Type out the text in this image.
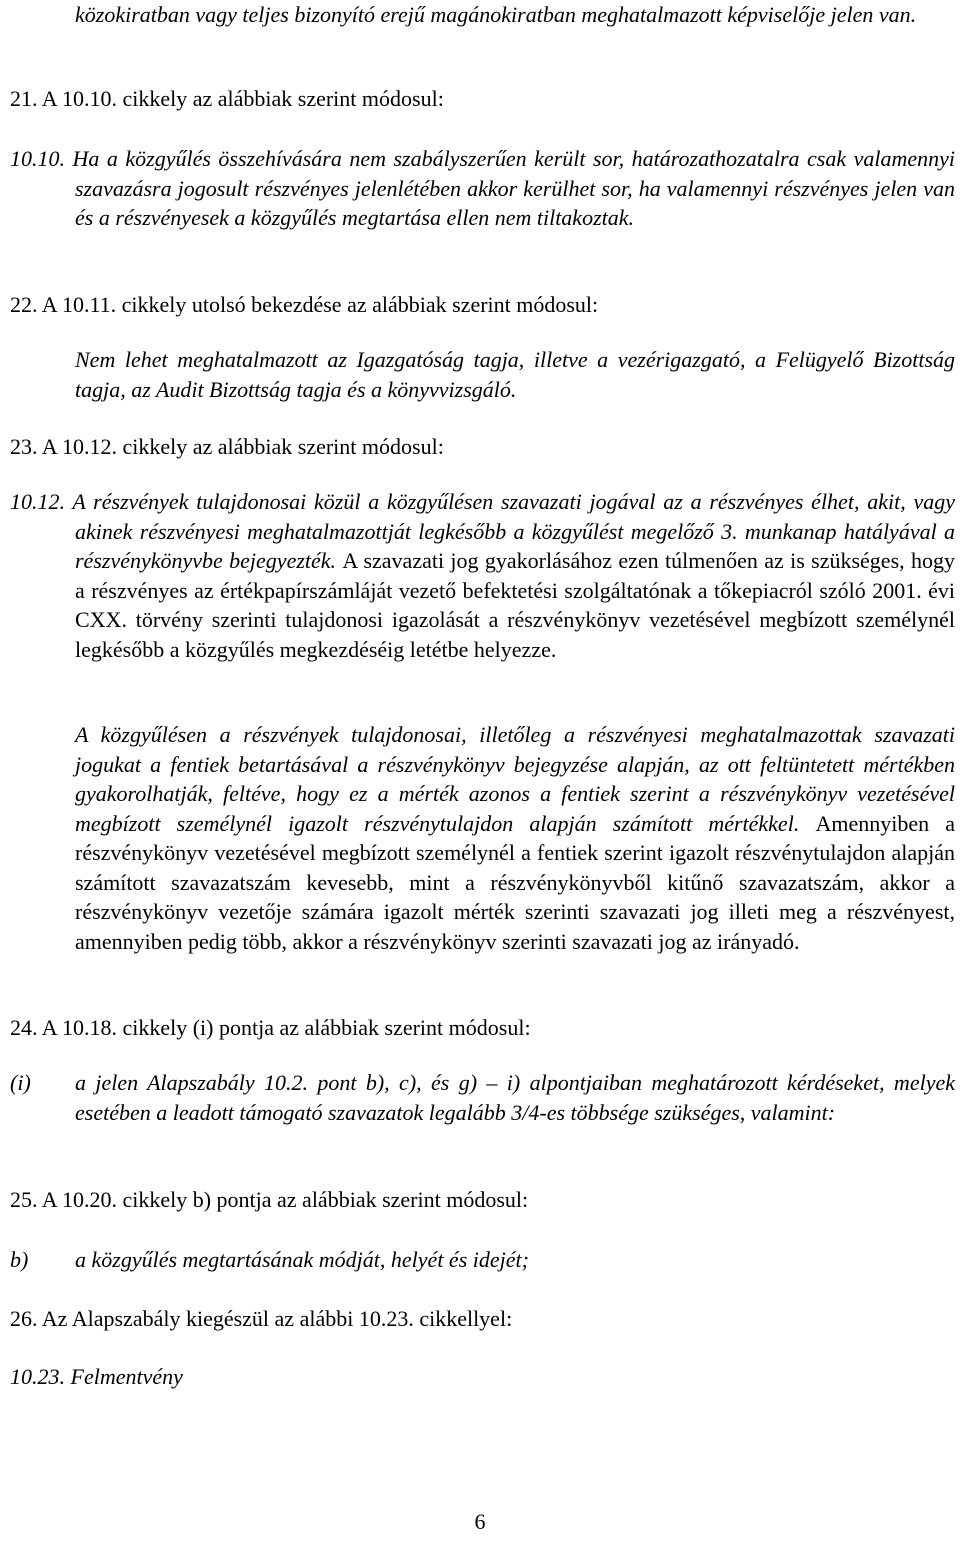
közokiratban vagy teljes bizonyító erejű magánokiratban meghatalmazott képviselője jelen van.

21. A 10.10. cikkely az alábbiak szerint módosul:

10.10. Ha a közgyűlés összehívására nem szabályszerűen került sor, határozathozatalra csak valamennyi szavazásra jogosult részvényes jelenlétében akkor kerülhet sor, ha valamennyi részvényes jelen van és a részvényesek a közgyűlés megtartása ellen nem tiltakoztak.

22. A 10.11. cikkely utolsó bekezdése az alábbiak szerint módosul:

Nem lehet meghatalmazott az Igazgatóság tagja, illetve a vezérigazgató, a Felügyelő Bizottság tagja, az Audit Bizottság tagja és a könyvvizsgáló.

23. A 10.12. cikkely az alábbiak szerint módosul:

10.12. A részvények tulajdonosai közül a közgyűlésen szavazati jogával az a részvényes élhet, akit, vagy akinek részvényesi meghatalmazottját legkésőbb a közgyűlést megelőző 3. munkanap hatályával a részvénykönyvbe bejegyezték. A szavazati jog gyakorlásához ezen túlmenően az is szükséges, hogy a részvényes az értékpapírszámláját vezető befektetési szolgáltatónak a tőkepiacról szóló 2001. évi CXX. törvény szerinti tulajdonosi igazolását a részvénykönyv vezetésével megbízott személynél legkésőbb a közgyűlés megkezdéséig letétbe helyezze.

A közgyűlésen a részvények tulajdonosai, illetőleg a részvényesi meghatalmazottak szavazati jogukat a fentiek betartásával a részvénykönyv bejegyzése alapján, az ott feltüntetett mértékben gyakorolhatják, feltéve, hogy ez a mérték azonos a fentiek szerint a részvénykönyv vezetésével megbízott személynél igazolt részvénytulajdon alapján számított mértékkel. Amennyiben a részvénykönyv vezetésével megbízott személynél a fentiek szerint igazolt részvénytulajdon alapján számított szavazatszám kevesebb, mint a részvénykönyvből kitűnő szavazatszám, akkor a részvénykönyv vezetője számára igazolt mérték szerinti szavazati jog illeti meg a részvényest, amennyiben pedig több, akkor a részvénykönyv szerinti szavazati jog az irányadó.

24. A 10.18. cikkely (i) pontja az alábbiak szerint módosul:

(i) a jelen Alapszabály 10.2. pont b), c), és g) – i) alpontjaiban meghatározott kérdéseket, melyek esetében a leadott támogató szavazatok legalább 3/4-es többsége szükséges, valamint:

25. A 10.20. cikkely b) pontja az alábbiak szerint módosul:

b) a közgyűlés megtartásának módját, helyét és idejét;

26. Az Alapszabály kiegészül az alábbi 10.23. cikkellyel:

10.23. Felmentvény

6
